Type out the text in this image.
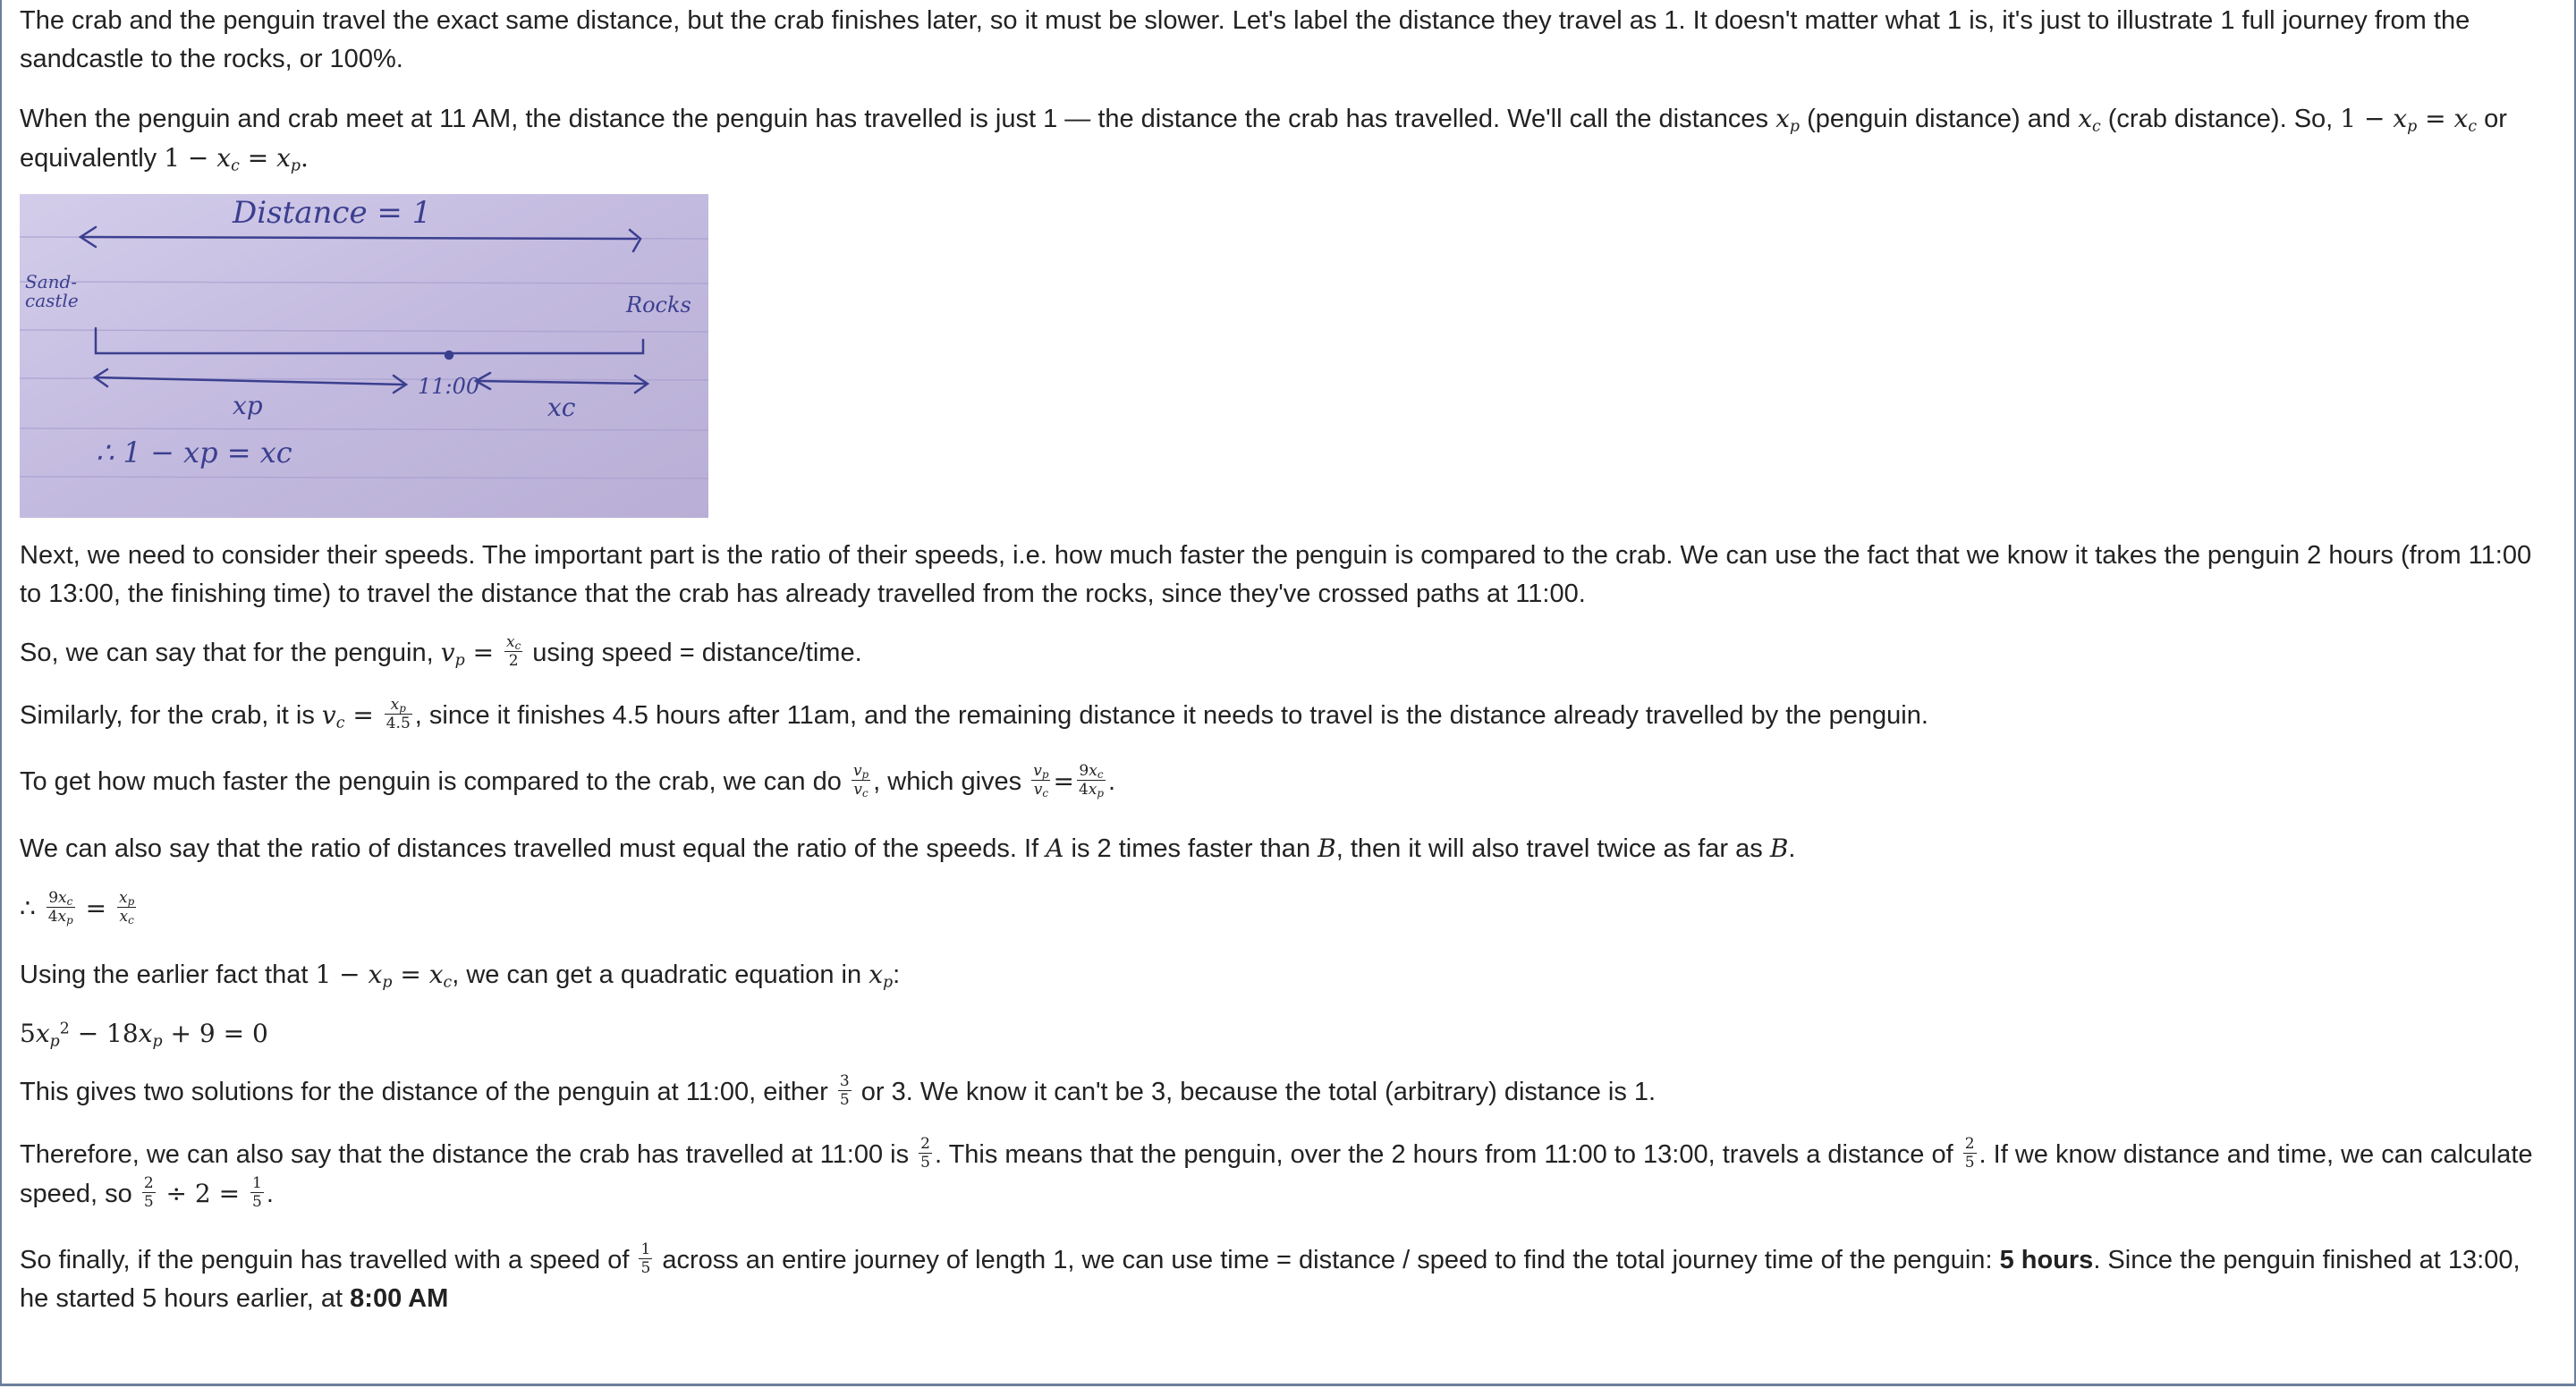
The crab and the penguin travel the exact same distance, but the crab finishes later, so it must be slower. Let's label the distance they travel as 1. It doesn't matter what 1 is, it's just to illustrate 1 full journey from the sandcastle to the rocks, or 100%.

When the penguin and crab meet at 11 AM, the distance the penguin has travelled is just 1 — the distance the crab has travelled. We'll call the distances $x_p$ (penguin distance) and $x_c$ (crab distance). So, $1 - x_p = x_c$ or equivalently $1 - x_c = x_p$.

Next, we need to consider their speeds. The important part is the ratio of their speeds, i.e. how much faster the penguin is compared to the crab. We can use the fact that we know it takes the penguin 2 hours (from 11:00 to 13:00, the finishing time) to travel the distance that the crab has already travelled from the rocks, since they've crossed paths at 11:00.

So, we can say that for the penguin, $v_p = \frac{x_c}{2}$ using speed = distance/time.

Similarly, for the crab, it is $v_c = \frac{x_p}{4.5}$ , since it finishes 4.5 hours after 11am, and the remaining distance it needs to travel is the distance already travelled by the penguin.

To get how much faster the penguin is compared to the crab, we can do $\frac{v_p}{v_c}$ , which gives $\frac{v_p}{v_c} = \frac{9x_c}{4x_p}$ .

We can also say that the ratio of distances travelled must equal the ratio of the speeds. If A is 2 times faster than B, then it will also travel twice as far as B.

∴ $\frac{9x_c}{4x_p} = \frac{x_p}{x_c}$

Using the earlier fact that $1 - x_p = x_c$, we can get a quadratic equation in $x_p$:

$5x_p^2 - 18x_p + 9 = 0$

This gives two solutions for the distance of the penguin at 11:00, either $\frac{3}{5}$ or 3. We know it can't be 3, because the total (arbitrary) distance is 1.

Therefore, we can also say that the distance the crab has travelled at 11:00 is $\frac{2}{5}$ . This means that the penguin, over the 2 hours from 11:00 to 13:00, travels a distance of $\frac{2}{5}$ . If we know distance and time, we can calculate speed, so $\frac{2}{5} \div 2 = \frac{1}{5}$ .

So finally, if the penguin has travelled with a speed of $\frac{1}{5}$ across an entire journey of length 1, we can use time = distance / speed to find the total journey time of the penguin: 5 hours. Since the penguin finished at 13:00, he started 5 hours earlier, at 8:00 AM

Distance = 1
Sand-
castle	Rocks
11:00
xp	xc
∴ 1 − xp = xc
